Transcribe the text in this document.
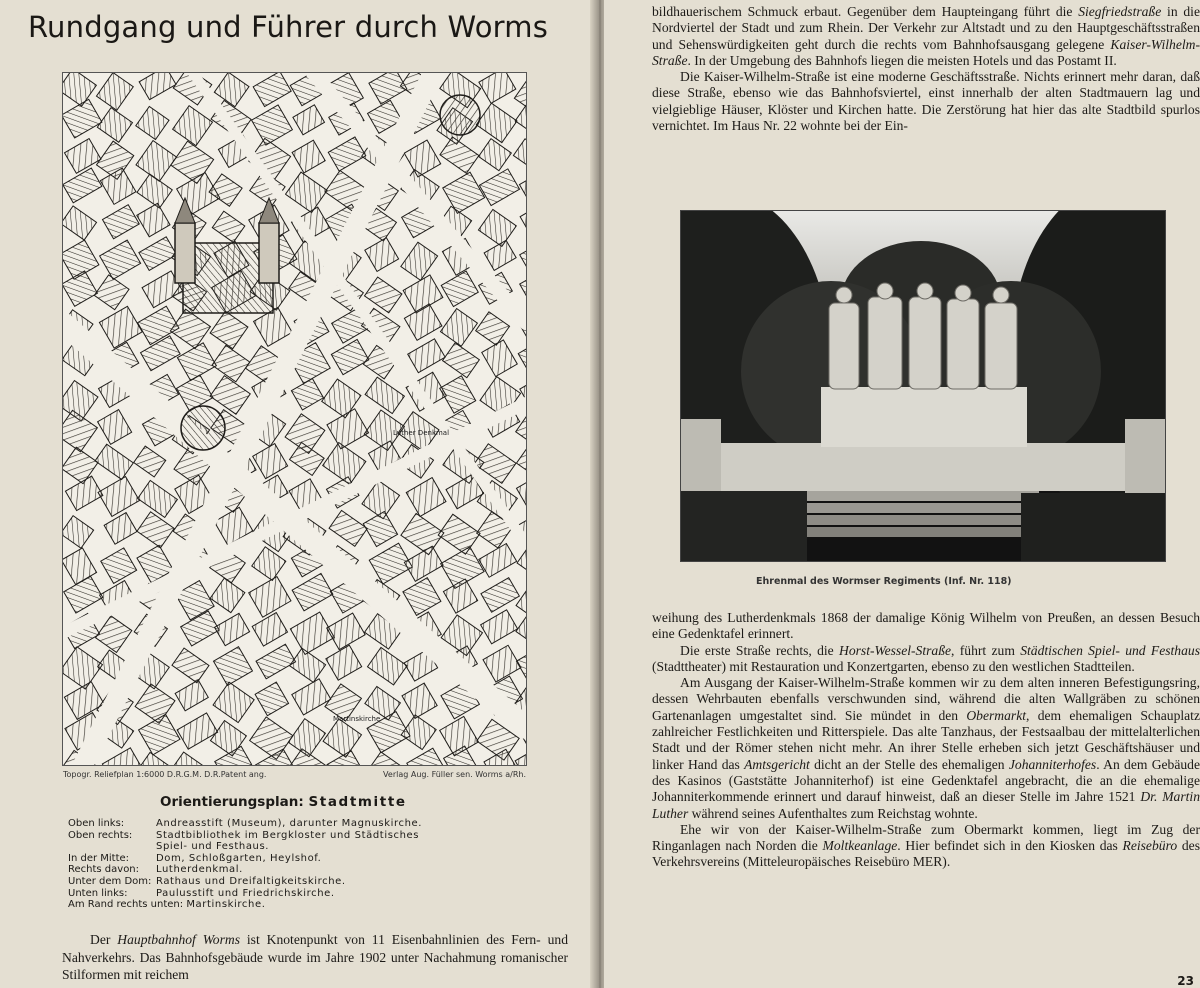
Rundgang und Führer durch Worms
Luther Denkmal
Martinskirche
Topogr. Reliefplan 1:6000 D.R.G.M. D.R.Patent ang.	Verlag Aug. Füller sen. Worms a/Rh.
Orientierungsplan: Stadtmitte
Oben links:	Andreasstift (Museum), darunter Magnuskirche.
Oben rechts: Stadtbibliothek im Bergkloster und Städtisches
Spiel- und Festhaus.
In der Mitte:	Dom, Schloßgarten, Heylshof.
Rechts davon: Lutherdenkmal.
Unter dem Dom: Rathaus und Dreifaltigkeitskirche.
Unten links:	Paulusstift und Friedrichskirche.
Am Rand rechts unten: Martinskirche.
Der Hauptbahnhof Worms ist Knotenpunkt von 11 Eisenbahnlinien des Fern- und Nahverkehrs. Das Bahnhofsgebäude wurde im Jahre 1902 unter Nachahmung romanischer Stilformen mit reichem

bildhauerischem Schmuck erbaut. Gegenüber dem Haupteingang führt die Siegfriedstraße in die Nordviertel der Stadt und zum Rhein. Der Verkehr zur Altstadt und zu den Hauptgeschäftsstraßen und Sehenswürdigkeiten geht durch die rechts vom Bahnhofsausgang gelegene Kaiser-Wilhelm-Straße. In der Umgebung des Bahnhofs liegen die meisten Hotels und das Postamt II.

Die Kaiser-Wilhelm-Straße ist eine moderne Geschäftsstraße. Nichts erinnert mehr daran, daß diese Straße, ebenso wie das Bahnhofsviertel, einst innerhalb der alten Stadtmauern lag und vielgieblige Häuser, Klöster und Kirchen hatte. Die Zerstörung hat hier das alte Stadtbild spurlos vernichtet. Im Haus Nr. 22 wohnte bei der Ein-

Ehrenmal des Wormser Regiments (Inf. Nr. 118)

weihung des Lutherdenkmals 1868 der damalige König Wilhelm von Preußen, an dessen Besuch eine Gedenktafel erinnert.

Die erste Straße rechts, die Horst-Wessel-Straße, führt zum Städtischen Spiel- und Festhaus (Stadttheater) mit Restauration und Konzertgarten, ebenso zu den westlichen Stadtteilen.

Am Ausgang der Kaiser-Wilhelm-Straße kommen wir zu dem alten inneren Befestigungsring, dessen Wehrbauten ebenfalls verschwunden sind, während die alten Wallgräben zu schönen Gartenanlagen umgestaltet sind. Sie mündet in den Obermarkt, dem ehemaligen Schauplatz zahlreicher Festlichkeiten und Ritterspiele. Das alte Tanzhaus, der Festsaalbau der mittelalterlichen Stadt und der Römer stehen nicht mehr. An ihrer Stelle erheben sich jetzt Geschäftshäuser und linker Hand das Amtsgericht dicht an der Stelle des ehemaligen Johanniterhofes. An dem Gebäude des Kasinos (Gaststätte Johanniterhof) ist eine Gedenktafel angebracht, die an die ehemalige Johanniterkommende erinnert und darauf hinweist, daß an dieser Stelle im Jahre 1521 Dr. Martin Luther während seines Aufenthaltes zum Reichstag wohnte.

Ehe wir von der Kaiser-Wilhelm-Straße zum Obermarkt kommen, liegt im Zug der Ringanlagen nach Norden die Moltkeanlage. Hier befindet sich in den Kiosken das Reisebüro des Verkehrsvereins (Mitteleuropäisches Reisebüro MER).

23
